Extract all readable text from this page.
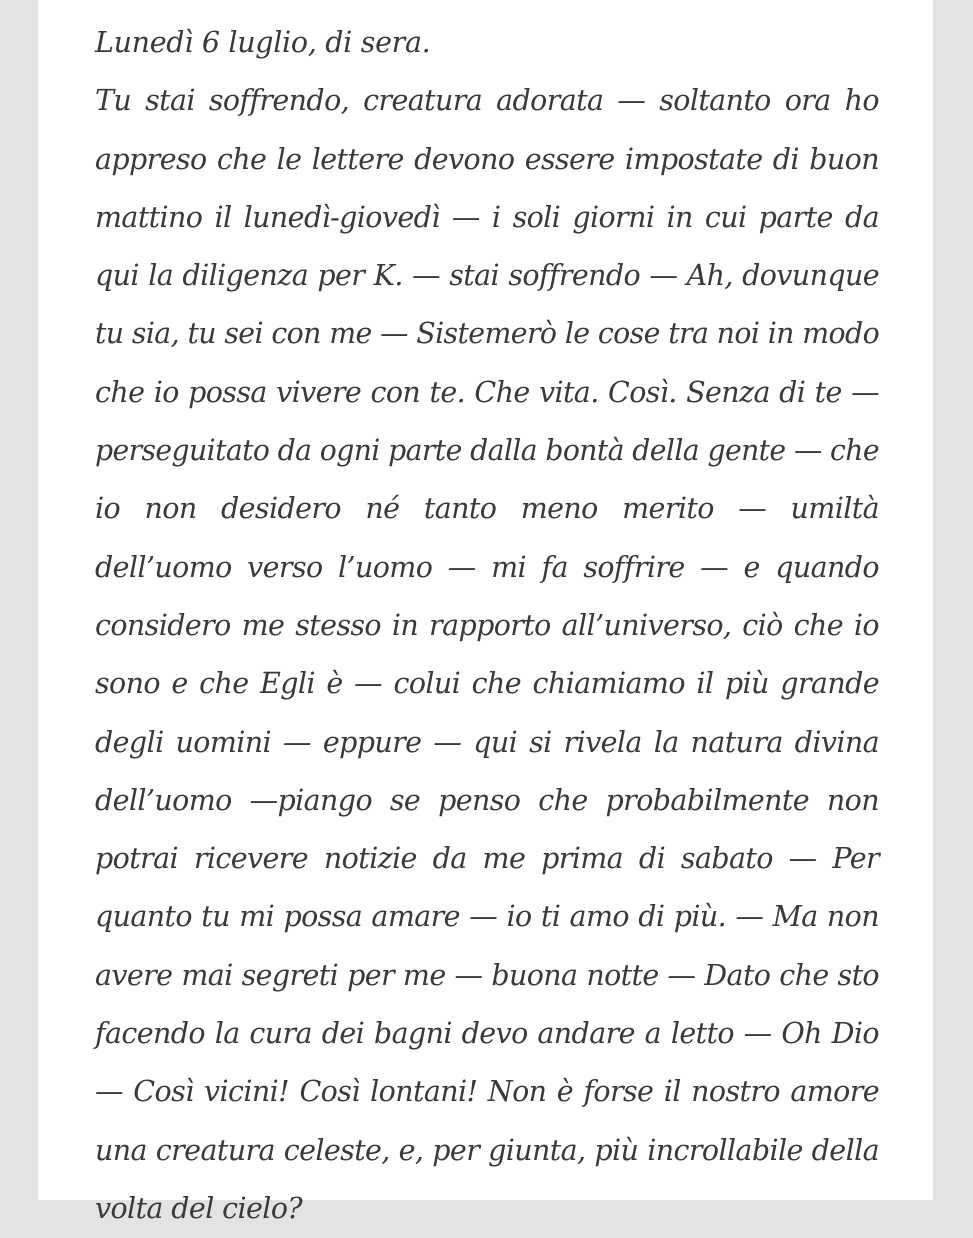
Lunedì 6 luglio, di sera.
Tu stai soffrendo, creatura adorata — soltanto ora ho
appreso che le lettere devono essere impostate di buon
mattino il lunedì-giovedì — i soli giorni in cui parte da
qui la diligenza per K. — stai soffrendo — Ah, dovunque
tu sia, tu sei con me — Sistemerò le cose tra noi in modo
che io possa vivere con te. Che vita. Così. Senza di te —
perseguitato da ogni parte dalla bontà della gente — che
io non desidero né tanto meno merito — umiltà
dell’uomo verso l’uomo — mi fa soffrire — e quando
considero me stesso in rapporto all’universo, ciò che io
sono e che Egli è — colui che chiamiamo il più grande
degli uomini — eppure — qui si rivela la natura divina
dell’uomo —piango se penso che probabilmente non
potrai ricevere notizie da me prima di sabato — Per
quanto tu mi possa amare — io ti amo di più. — Ma non
avere mai segreti per me — buona notte — Dato che sto
facendo la cura dei bagni devo andare a letto — Oh Dio
— Così vicini! Così lontani! Non è forse il nostro amore
una creatura celeste, e, per giunta, più incrollabile della
volta del cielo?
